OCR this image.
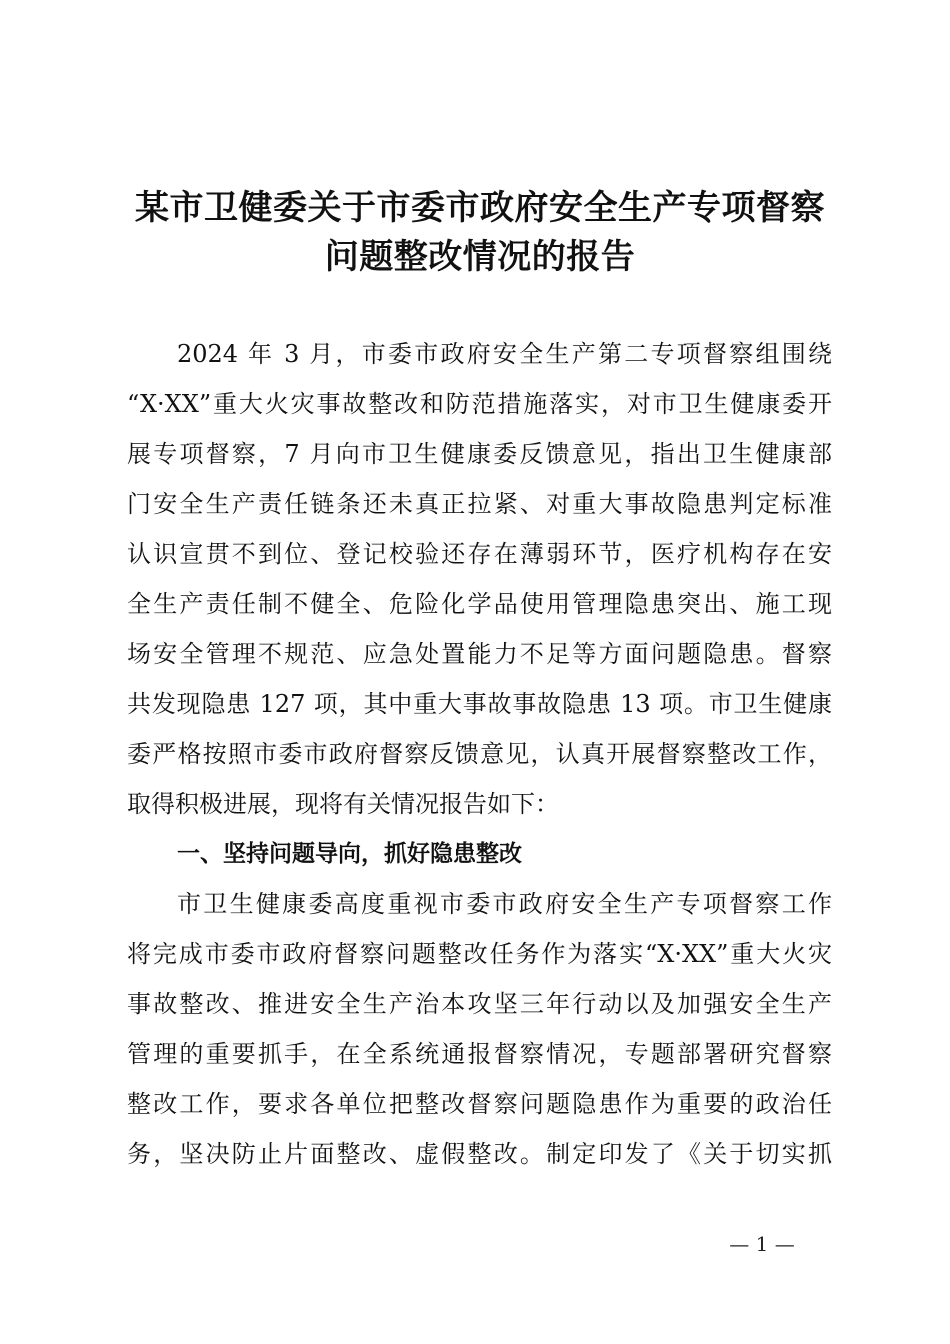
某市卫健委关于市委市政府安全生产专项督察
问题整改情况的报告
2024 年 3 月，市委市政府安全生产第二专项督察组围绕
“X·XX”重大火灾事故整改和防范措施落实，对市卫生健康委开
展专项督察，7 月向市卫生健康委反馈意见，指出卫生健康部
门安全生产责任链条还未真正拉紧、对重大事故隐患判定标准
认识宣贯不到位、登记校验还存在薄弱环节，医疗机构存在安
全生产责任制不健全、危险化学品使用管理隐患突出、施工现
场安全管理不规范、应急处置能力不足等方面问题隐患。督察
共发现隐患 127 项，其中重大事故事故隐患 13 项。市卫生健康
委严格按照市委市政府督察反馈意见，认真开展督察整改工作，
取得积极进展，现将有关情况报告如下：
一、坚持问题导向，抓好隐患整改
市卫生健康委高度重视市委市政府安全生产专项督察工作
将完成市委市政府督察问题整改任务作为落实“X·XX”重大火灾
事故整改、推进安全生产治本攻坚三年行动以及加强安全生产
管理的重要抓手，在全系统通报督察情况，专题部署研究督察
整改工作，要求各单位把整改督察问题隐患作为重要的政治任
务，坚决防止片面整改、虚假整改。制定印发了《关于切实抓
— 1 —
